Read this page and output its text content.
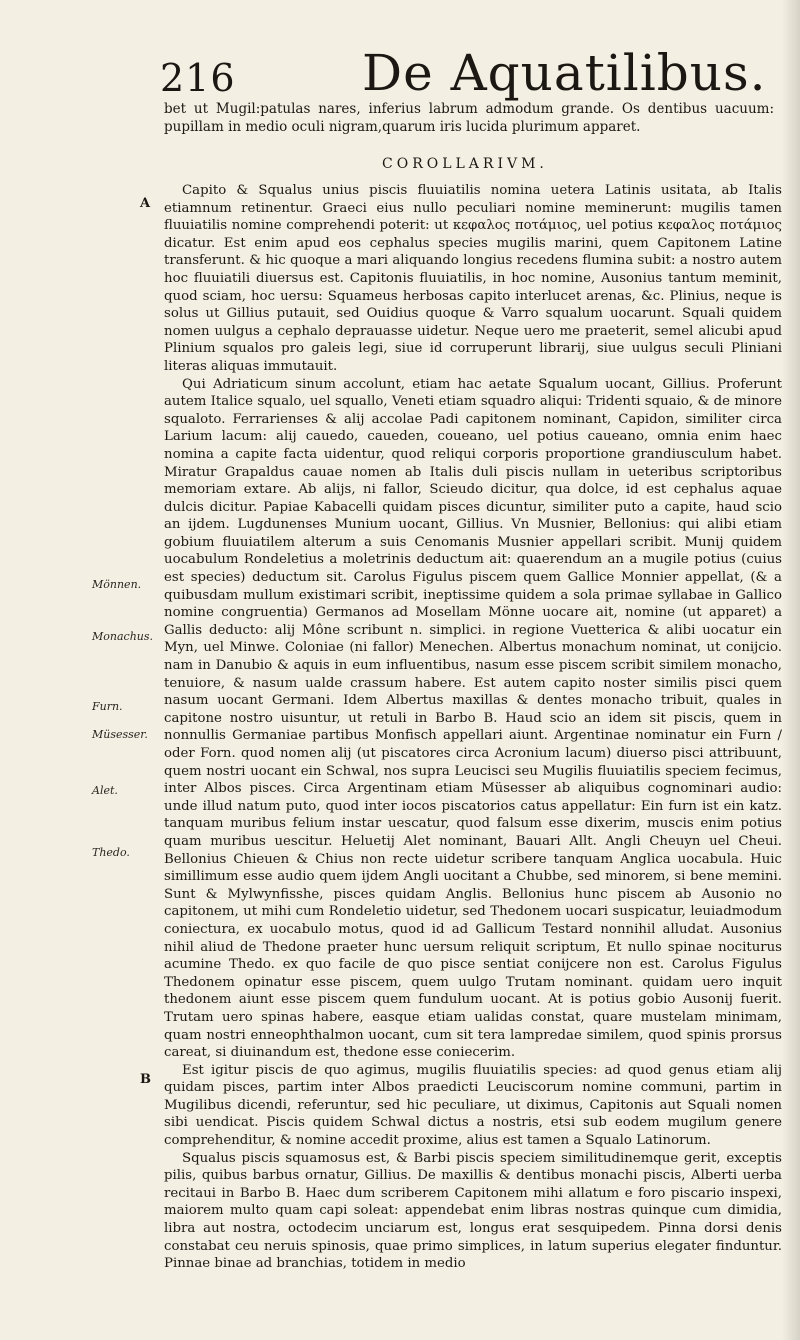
216	De Aquatilibus.
bet ut Mugil:patulas nares, inferius labrum admodum grande. Os dentibus uacuum: pupillam in medio oculi nigram,quarum iris lucida plurimum apparet.
COROLLARIVM.
A
B
Mönnen.
Monachus.
Furn.
Müsesser.
Alet.
Thedo.

Capito & Squalus unius piscis fluuiatilis nomina uetera Latinis usitata, ab Italis etiamnum retinentur. Graeci eius nullo peculiari nomine meminerunt: mugilis tamen fluuiatilis nomine comprehendi poterit: ut κεφαλος ποτάμιος, uel potius κεφαλος ποτάμιος dicatur. Est enim apud eos cephalus species mugilis marini, quem Capitonem Latine transferunt. & hic quoque a mari aliquando longius recedens flumina subit: a nostro autem hoc fluuiatili diuersus est. Capitonis fluuiatilis, in hoc nomine, Ausonius tantum meminit, quod sciam, hoc uersu: Squameus herbosas capito interlucet arenas, &c. Plinius, neque is solus ut Gillius putauit, sed Ouidius quoque & Varro squalum uocarunt. Squali quidem nomen uulgus a cephalo deprauasse uidetur. Neque uero me praeterit, semel alicubi apud Plinium squalos pro galeis legi, siue id corruperunt librarij, siue uulgus seculi Pliniani literas aliquas immutauit.

Qui Adriaticum sinum accolunt, etiam hac aetate Squalum uocant, Gillius. Proferunt autem Italice squalo, uel squallo, Veneti etiam squadro aliqui: Tridenti squaio, & de minore squaloto. Ferrarienses & alij accolae Padi capitonem nominant, Capidon, similiter circa Larium lacum: alij cauedo, caueden, coueano, uel potius caueano, omnia enim haec nomina a capite facta uidentur, quod reliqui corporis proportione grandiusculum habet. Miratur Grapaldus cauae nomen ab Italis duli piscis nullam in ueteribus scriptoribus memoriam extare. Ab alijs, ni fallor, Scieudo dicitur, qua dolce, id est cephalus aquae dulcis dicitur. Papiae Kabacelli quidam pisces dicuntur, similiter puto a capite, haud scio an ijdem. Lugdunenses Munium uocant, Gillius. Vn Musnier, Bellonius: qui alibi etiam gobium fluuiatilem alterum a suis Cenomanis Musnier appellari scribit. Munij quidem uocabulum Rondeletius a moletrinis deductum ait: quaerendum an a mugile potius (cuius est species) deductum sit. Carolus Figulus piscem quem Gallice Monnier appellat, (& a quibusdam mullum existimari scribit, ineptissime quidem a sola primae syllabae in Gallico nomine congruentia) Germanos ad Mosellam Mönne uocare ait, nomine (ut apparet) a Gallis deducto: alij Mône scribunt n. simplici. in regione Vuetterica & alibi uocatur ein Myn, uel Minwe. Coloniae (ni fallor) Menechen. Albertus monachum nominat, ut conijcio. nam in Danubio & aquis in eum influentibus, nasum esse piscem scribit similem monacho, tenuiore, & nasum ualde crassum habere. Est autem capito noster similis pisci quem nasum uocant Germani. Idem Albertus maxillas & dentes monacho tribuit, quales in capitone nostro uisuntur, ut retuli in Barbo B. Haud scio an idem sit piscis, quem in nonnullis Germaniae partibus Monfisch appellari aiunt. Argentinae nominatur ein Furn / oder Forn. quod nomen alij (ut piscatores circa Acronium lacum) diuerso pisci attribuunt, quem nostri uocant ein Schwal, nos supra Leucisci seu Mugilis fluuiatilis speciem fecimus, inter Albos pisces. Circa Argentinam etiam Müsesser ab aliquibus cognominari audio: unde illud natum puto, quod inter iocos piscatorios catus appellatur: Ein furn ist ein katz. tanquam muribus felium instar uescatur, quod falsum esse dixerim, muscis enim potius quam muribus uescitur. Heluetij Alet nominant, Bauari Allt. Angli Cheuyn uel Cheui. Bellonius Chieuen & Chius non recte uidetur scribere tanquam Anglica uocabula. Huic simillimum esse audio quem ijdem Angli uocitant a Chubbe, sed minorem, si bene memini. Sunt & Mylwynfisshe, pisces quidam Anglis. Bellonius hunc piscem ab Ausonio no capitonem, ut mihi cum Rondeletio uidetur, sed Thedonem uocari suspicatur, leuiadmodum coniectura, ex uocabulo motus, quod id ad Gallicum Testard nonnihil alludat. Ausonius nihil aliud de Thedone praeter hunc uersum reliquit scriptum, Et nullo spinae nociturus acumine Thedo. ex quo facile de quo pisce sentiat conijcere non est. Carolus Figulus Thedonem opinatur esse piscem, quem uulgo Trutam nominant. quidam uero inquit thedonem aiunt esse piscem quem fundulum uocant. At is potius gobio Ausonij fuerit. Trutam uero spinas habere, easque etiam ualidas constat, quare mustelam minimam, quam nostri enneophthalmon uocant, cum sit tera lampredae similem, quod spinis prorsus careat, si diuinandum est, thedone esse coniecerim.

Est igitur piscis de quo agimus, mugilis fluuiatilis species: ad quod genus etiam alij quidam pisces, partim inter Albos praedicti Leuciscorum nomine communi, partim in Mugilibus dicendi, referuntur, sed hic peculiare, ut diximus, Capitonis aut Squali nomen sibi uendicat. Piscis quidem Schwal dictus a nostris, etsi sub eodem mugilum genere comprehenditur, & nomine accedit proxime, alius est tamen a Squalo Latinorum.

Squalus piscis squamosus est, & Barbi piscis speciem similitudinemque gerit, exceptis pilis, quibus barbus ornatur, Gillius. De maxillis & dentibus monachi piscis, Alberti uerba recitaui in Barbo B. Haec dum scriberem Capitonem mihi allatum e foro piscario inspexi, maiorem multo quam capi soleat: appendebat enim libras nostras quinque cum dimidia, libra aut nostra, octodecim unciarum est, longus erat sesquipedem. Pinna dorsi denis constabat ceu neruis spinosis, quae primo simplices, in latum superius elegater finduntur. Pinnae binae ad branchias, totidem in medio
